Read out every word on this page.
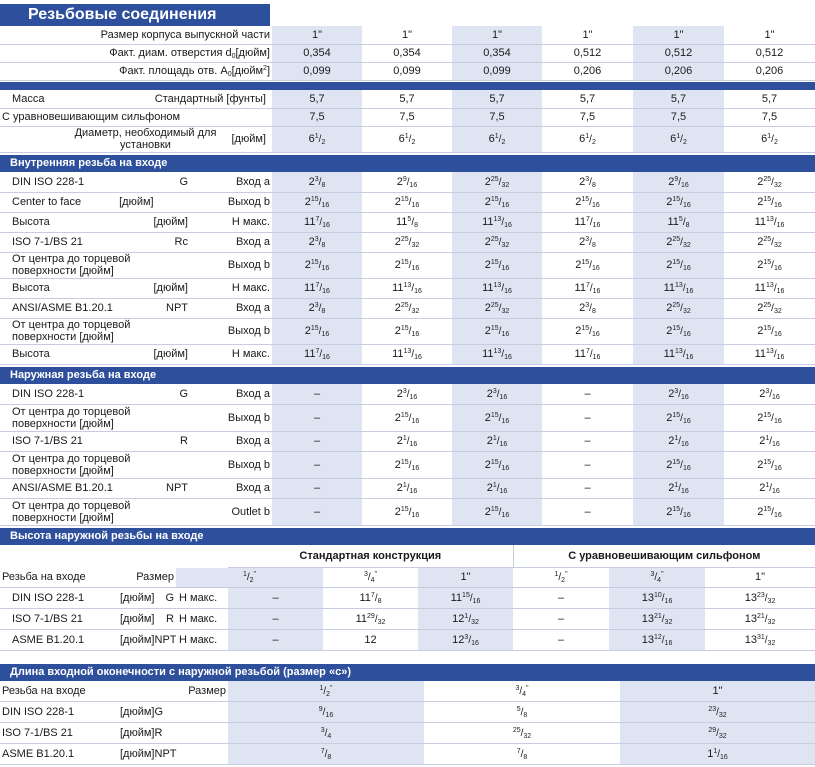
Резьбовые соединения
Размер корпуса выпускной части	1"	1"	1"	1"	1"	1"
Факт. диам. отверстия $d_0[дюйм]$	0,354	0,354	0,354	0,512	0,512	0,512
Факт. площадь отв. $A_0[дюйм^2]$	0,099	0,099	0,099	0,206	0,206	0,206
Масса Стандартный [фунты]	5,7	5,7	5,7	5,7	5,7	5,7
С уравновешивающим сильфоном	7,5	7,5	7,5	7,5	7,5	7,5

Диаметр, необходимый для установки [дюйм]	$6^1/2$	$6^1/2$	$6^1/2$	$6^1/2$	$6^1/2$	$6^1/2$
Внутренняя резьба на входе
DIN ISO 228-1 G	Вход a	$2^3/8$	$2^9/16$	$2^{25}/32$	$2^3/8$	$2^9/16$	$2^{25}/32$

Center to face [дюйм]	Выход b	$2^{15}/16$	$2^{15}/16$	$2^{15}/16$	$2^{15}/16$	$2^{15}/16$	$2^{15}/16$

Высота [дюйм]	H макс.	$11^7/16$	$11^5/8$	$11^{13}/16$	$11^7/16$	$11^5/8$	$11^{13}/16$

ISO 7-1/BS 21 Rc	Вход a	$2^3/8$	$2^{25}/32$	$2^{25}/32$	$2^3/8$	$2^{25}/32$	$2^{25}/32$

От центра до торцевой поверхности [дюйм]	Выход b	$2^{15}/16$	$2^{15}/16$	$2^{15}/16$	$2^{15}/16$	$2^{15}/16$	$2^{15}/16$

Высота [дюйм]	H макс.	$11^7/16$	$11^{13}/16$	$11^{13}/16$	$11^7/16$	$11^{13}/16$	$11^{13}/16$

ANSI/ASME B1.20.1 NPT	Вход a	$2^3/8$	$2^{25}/32$	$2^{25}/32$	$2^3/8$	$2^{25}/32$	$2^{25}/32$

От центра до торцевой поверхности [дюйм]	Выход b	$2^{15}/16$	$2^{15}/16$	$2^{15}/16$	$2^{15}/16$	$2^{15}/16$	$2^{15}/16$

Высота [дюйм]	H макс.	$11^7/16$	$11^{13}/16$	$11^{13}/16$	$11^7/16$	$11^{13}/16$	$11^{13}/16$
Наружная резьба на входе
DIN ISO 228-1 G	Вход a	–	$2^3/16$	$2^3/16$	–	$2^3/16$	$2^3/16$

От центра до торцевой поверхности [дюйм]	Выход b	–	$2^{15}/16$	$2^{15}/16$	–	$2^{15}/16$	$2^{15}/16$

ISO 7-1/BS 21 R	Вход a	–	$2^1/16$	$2^1/16$	–	$2^1/16$	$2^1/16$

От центра до торцевой поверхности [дюйм]	Выход b	–	$2^{15}/16$	$2^{15}/16$	–	$2^{15}/16$	$2^{15}/16$

ANSI/ASME B1.20.1 NPT	Вход a	–	$2^1/16$	$2^1/16$	–	$2^1/16$	$2^1/16$

От центра до торцевой поверхности [дюйм]	Outlet b	–	$2^{15}/16$	$2^{15}/16$	–	$2^{15}/16$	$2^{15}/16$
Высота наружной резьбы на входе
			Стандартная конструкция			С уравновешивающим сильфоном		
Резьба на входе	Размер	$^1$/2"		$^3$/4"	1"	$^1$/2"	$^3$/4"	1"

DIN ISO 228-1	[дюйм] G	H макс.	–	$11^7/8$	$11^{15}/16$	–	$13^{10}/16$	$13^{23}/32$

ISO 7-1/BS 21	[дюйм] R	H макс.	–	$11^{29}/32$	$12^1/32$	–	$13^{21}/32$	$13^{21}/32$

ASME B1.20.1	[дюйм] NPT	H макс.	–	12	$12^3/16$	–	$13^{12}/16$	$13^{31}/32$
Длина входной оконечности с наружной резьбой (размер «c»)
Резьба на входе	Размер	$^1$/2"	$^3$/4"	1"
DIN ISO 228-1	[дюйм] G	$^9$/16	$^5$/8	$^{23}$/32
ISO 7-1/BS 21	[дюйм] R	$^3$/4	$^{25}$/32	$^{29}$/32
ASME B1.20.1	[дюйм] NPT	$^7$/8	$^7$/8	$1^1/16$
